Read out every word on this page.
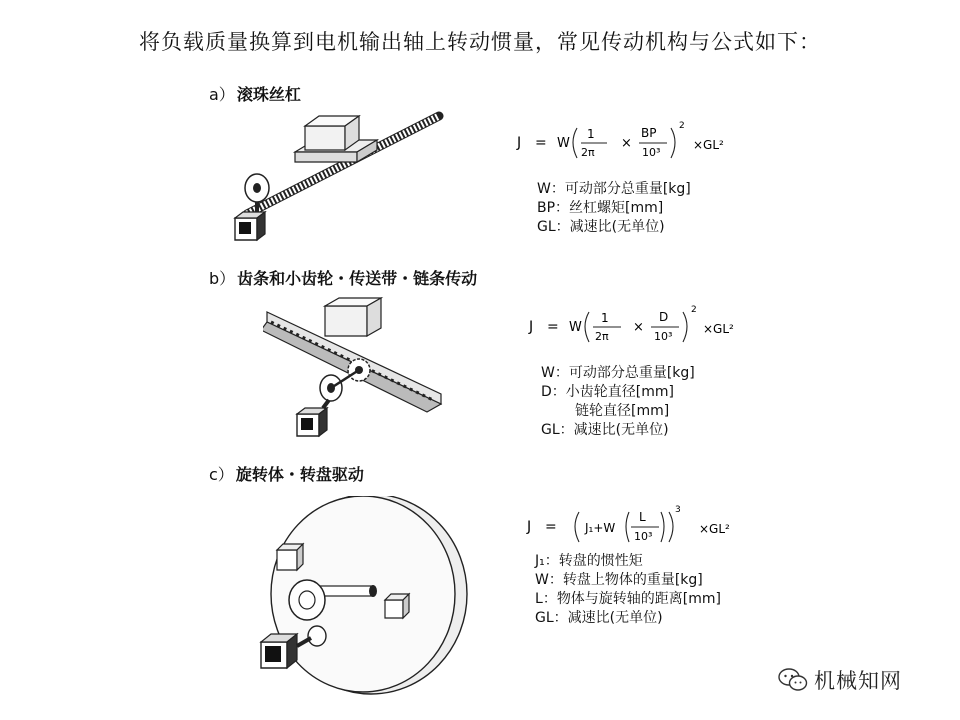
将负载质量换算到电机输出轴上转动惯量，常见传动机构与公式如下：
a） 滚珠丝杠
J = W
1
2π
×
BP
10³
2
×GL²
W：可动部分总重量[kg]
BP：丝杠螺矩[mm]
GL：减速比(无单位)
b） 齿条和小齿轮・传送带・链条传动
J = W
1
2π
×
D
10³
2
×GL²
W：可动部分总重量[kg]
D：小齿轮直径[mm]
链轮直径[mm]
GL：减速比(无单位)
c） 旋转体・转盘驱动
J = J₁+W
L
10³
3
×GL²
J₁：转盘的惯性矩
W：转盘上物体的重量[kg]
L：物体与旋转轴的距离[mm]
GL：减速比(无单位)
机械知网
